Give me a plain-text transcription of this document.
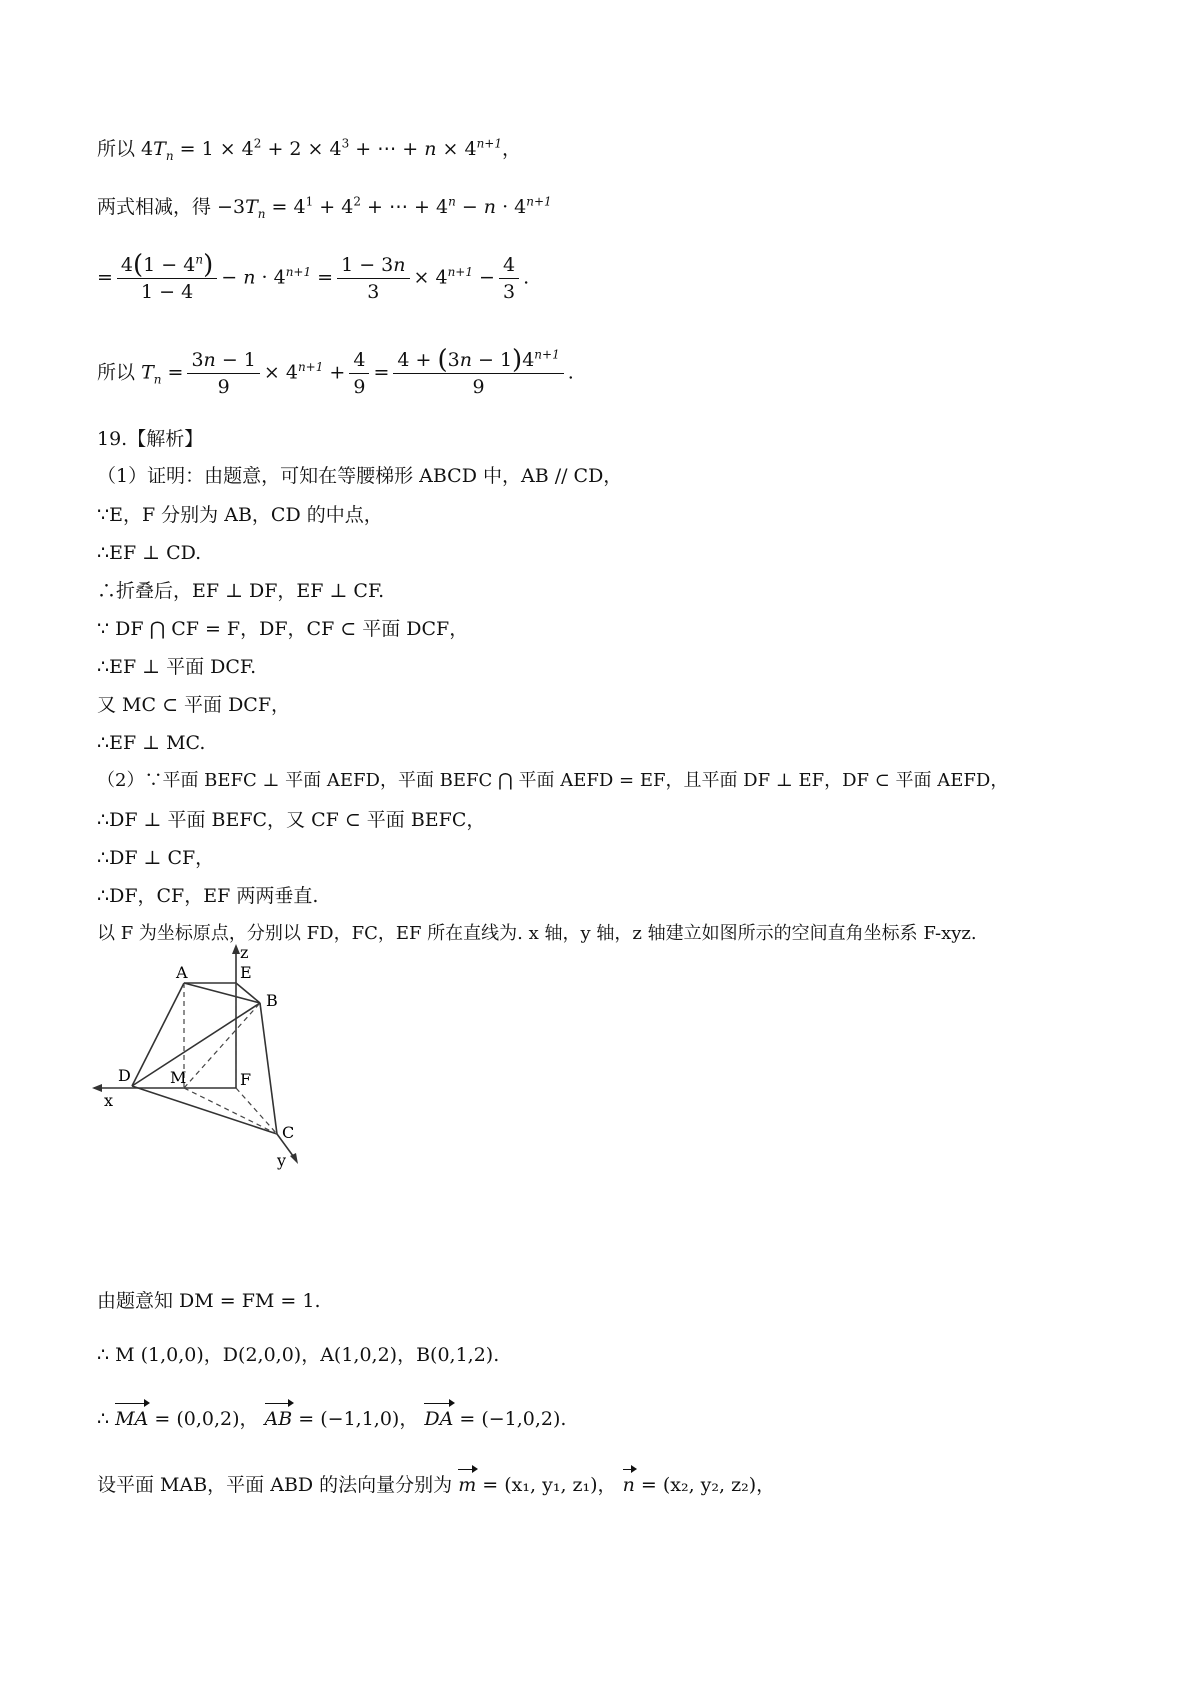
所以 $4T_n = 1 \times 4^2 + 2 \times 4^3$ + ⋯ + $n \times 4^{n+1}$，
两式相减，得 $-3T_n = 4^1 + 4^2$ + ⋯ + $4^n - n \cdot 4^{n+1}$
= $\frac{4(1 - 4^n)}{1 - 4} - n \cdot 4^{n+1} = \frac{1 - 3n}{3} \times 4^{n+1} - \frac{4}{3}$ .
所以 $T_n = \frac{3n - 1}{9} \times 4^{n+1} + \frac{4}{9} = \frac{4 + (3n - 1)4^{n+1}}{9}$ .
19.【解析】
（1）证明：由题意，可知在等腰梯形 ABCD 中，AB // CD，
∵E，F 分别为 AB，CD 的中点，
∴EF ⊥ CD.
∴折叠后，EF ⊥ DF，EF ⊥ CF.
∵ DF ⋂ CF = F，DF，CF ⊂ 平面 DCF，
∴EF ⊥ 平面 DCF.
又 MC ⊂ 平面 DCF，
∴EF ⊥ MC.
（2）∵平面 BEFC ⊥ 平面 AEFD，平面 BEFC ⋂ 平面 AEFD = EF，且平面 DF ⊥ EF，DF ⊂ 平面 AEFD，
∴DF ⊥ 平面 BEFC，又 CF ⊂ 平面 BEFC，
∴DF ⊥ CF，
∴DF，CF，EF 两两垂直.
以 F 为坐标原点，分别以 FD，FC，EF 所在直线为. x 轴，y 轴，z 轴建立如图所示的空间直角坐标系 F-xyz.
z
A	E
B
D M	F
x
C
y
由题意知 DM = FM = 1.
∴ M (1,0,0)，D(2,0,0)，A(1,0,2)，B(0,1,2).
∴ MA = (0,0,2)， AB = (−1,1,0)， DA = (−1,0,2).
设平面 MAB，平面 ABD 的法向量分别为 m = (x₁, y₁, z₁)， n = (x₂, y₂, z₂)，
